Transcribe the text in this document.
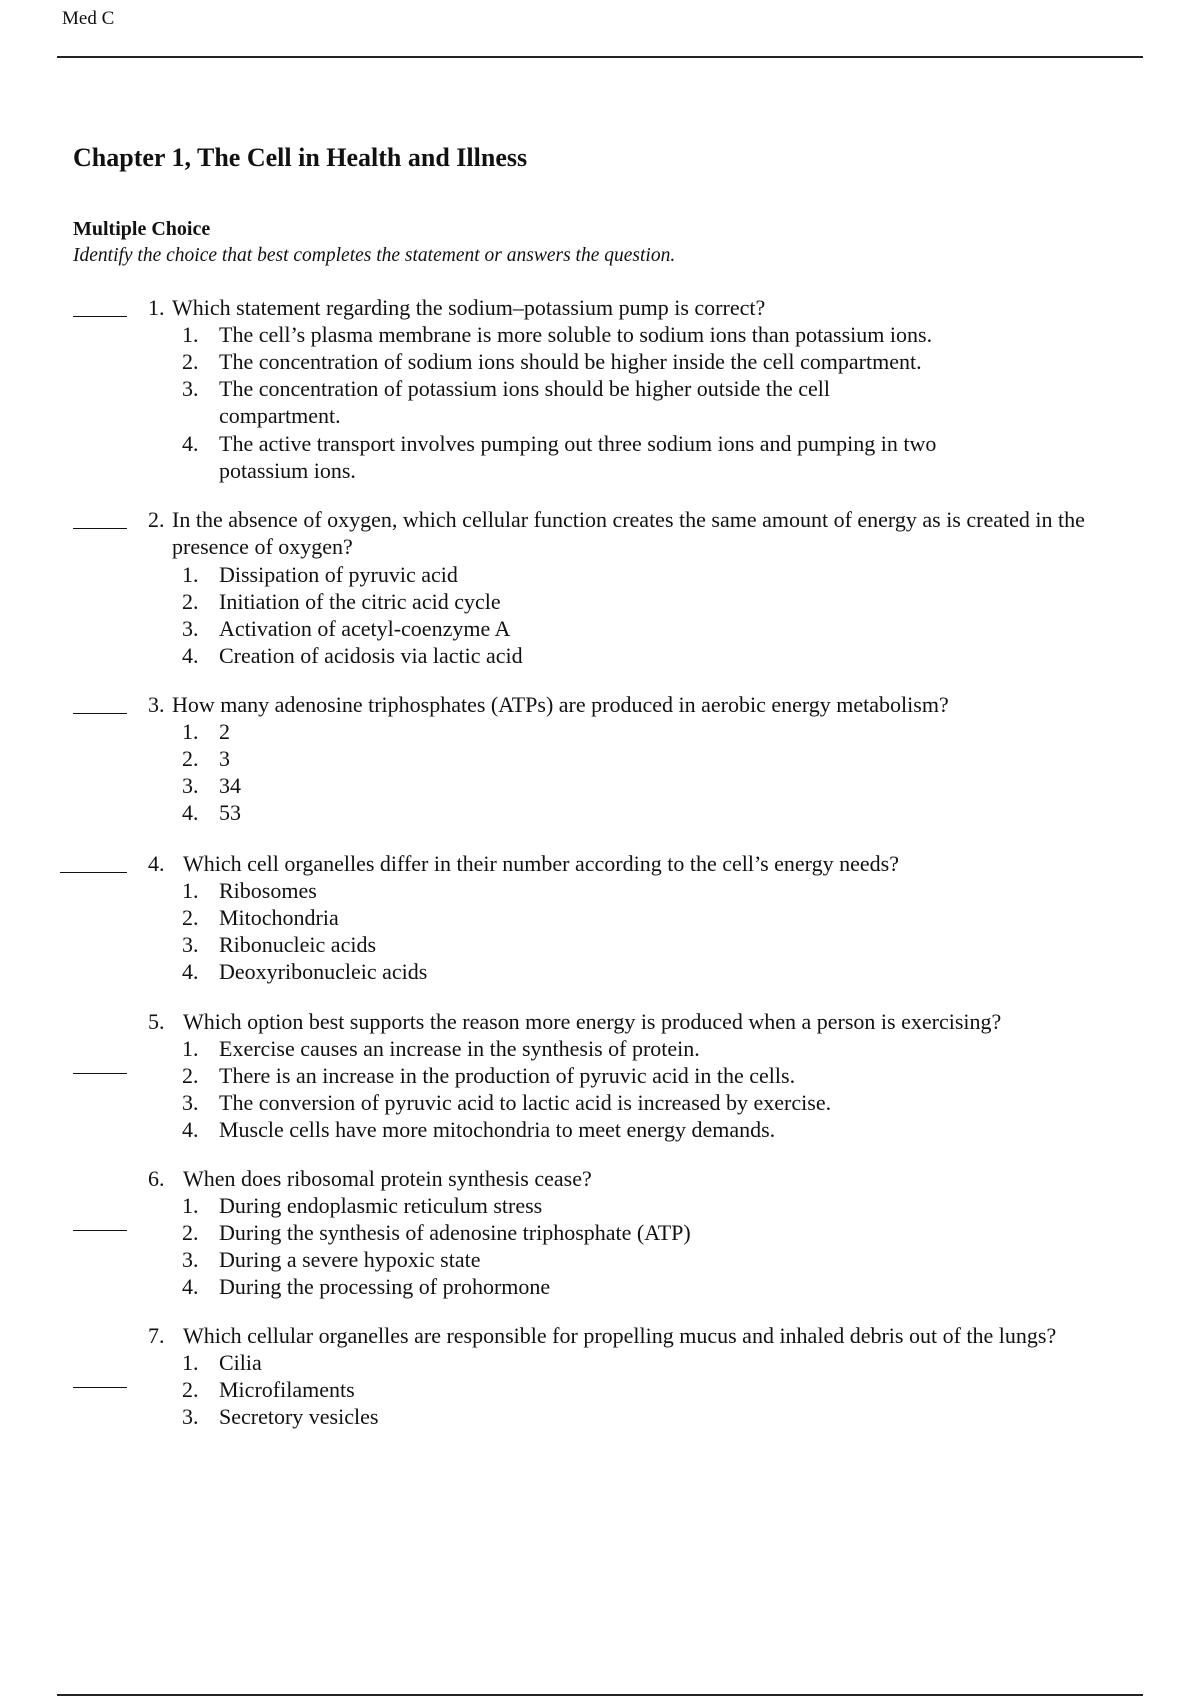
Med C
Chapter 1, The Cell in Health and Illness
Multiple Choice
Identify the choice that best completes the statement or answers the question.
1. Which statement regarding the sodium–potassium pump is correct?
1. The cell’s plasma membrane is more soluble to sodium ions than potassium ions.
2. The concentration of sodium ions should be higher inside the cell compartment.
3. The concentration of potassium ions should be higher outside the cell compartment.
4. The active transport involves pumping out three sodium ions and pumping in two potassium ions.
2. In the absence of oxygen, which cellular function creates the same amount of energy as is created in the presence of oxygen?
1. Dissipation of pyruvic acid
2. Initiation of the citric acid cycle
3. Activation of acetyl-coenzyme A
4. Creation of acidosis via lactic acid
3. How many adenosine triphosphates (ATPs) are produced in aerobic energy metabolism?
1. 2
2. 3
3. 34
4. 53
4. Which cell organelles differ in their number according to the cell’s energy needs?
1. Ribosomes
2. Mitochondria
3. Ribonucleic acids
4. Deoxyribonucleic acids
5. Which option best supports the reason more energy is produced when a person is exercising?
1. Exercise causes an increase in the synthesis of protein.
2. There is an increase in the production of pyruvic acid in the cells.
3. The conversion of pyruvic acid to lactic acid is increased by exercise.
4. Muscle cells have more mitochondria to meet energy demands.
6. When does ribosomal protein synthesis cease?
1. During endoplasmic reticulum stress
2. During the synthesis of adenosine triphosphate (ATP)
3. During a severe hypoxic state
4. During the processing of prohormone
7. Which cellular organelles are responsible for propelling mucus and inhaled debris out of the lungs?
1. Cilia
2. Microfilaments
3. Secretory vesicles
